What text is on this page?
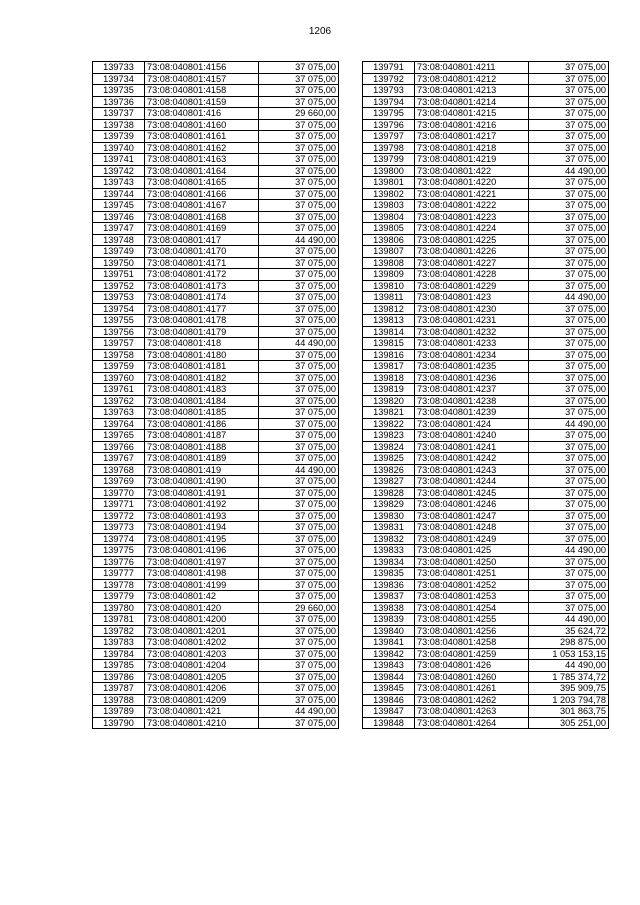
1206
139733	73:08:040801:4156	37 075,00
139734	73:08:040801:4157	37 075,00
139735	73:08:040801:4158	37 075,00
139736	73:08:040801:4159	37 075,00
139737	73:08:040801:416	29 660,00
139738	73:08:040801:4160	37 075,00
139739	73:08:040801:4161	37 075,00
139740	73:08:040801:4162	37 075,00
139741	73:08:040801:4163	37 075,00
139742	73:08:040801:4164	37 075,00
139743	73:08:040801:4165	37 075,00
139744	73:08:040801:4166	37 075,00
139745	73:08:040801:4167	37 075,00
139746	73:08:040801:4168	37 075,00
139747	73:08:040801:4169	37 075,00
139748	73:08:040801:417	44 490,00
139749	73:08:040801:4170	37 075,00
139750	73:08:040801:4171	37 075,00
139751	73:08:040801:4172	37 075,00
139752	73:08:040801:4173	37 075,00
139753	73:08:040801:4174	37 075,00
139754	73:08:040801:4177	37 075,00
139755	73:08:040801:4178	37 075,00
139756	73:08:040801:4179	37 075,00
139757	73:08:040801:418	44 490,00
139758	73:08:040801:4180	37 075,00
139759	73:08:040801:4181	37 075,00
139760	73:08:040801:4182	37 075,00
139761	73:08:040801:4183	37 075,00
139762	73:08:040801:4184	37 075,00
139763	73:08:040801:4185	37 075,00
139764	73:08:040801:4186	37 075,00
139765	73:08:040801:4187	37 075,00
139766	73:08:040801:4188	37 075,00
139767	73:08:040801:4189	37 075,00
139768	73:08:040801:419	44 490,00
139769	73:08:040801:4190	37 075,00
139770	73:08:040801:4191	37 075,00
139771	73:08:040801:4192	37 075,00
139772	73:08:040801:4193	37 075,00
139773	73:08:040801:4194	37 075,00
139774	73:08:040801:4195	37 075,00
139775	73:08:040801:4196	37 075,00
139776	73:08:040801:4197	37 075,00
139777	73:08:040801:4198	37 075,00
139778	73:08:040801:4199	37 075,00
139779	73:08:040801:42	37 075,00
139780	73:08:040801:420	29 660,00
139781	73:08:040801:4200	37 075,00
139782	73:08:040801:4201	37 075,00
139783	73:08:040801:4202	37 075,00
139784	73:08:040801:4203	37 075,00
139785	73:08:040801:4204	37 075,00
139786	73:08:040801:4205	37 075,00
139787	73:08:040801:4206	37 075,00
139788	73:08:040801:4209	37 075,00
139789	73:08:040801:421	44 490,00
139790	73:08:040801:4210	37 075,00
139791	73:08:040801:4211	37 075,00
139792	73:08:040801:4212	37 075,00
139793	73:08:040801:4213	37 075,00
139794	73:08:040801:4214	37 075,00
139795	73:08:040801:4215	37 075,00
139796	73:08:040801:4216	37 075,00
139797	73:08:040801:4217	37 075,00
139798	73:08:040801:4218	37 075,00
139799	73:08:040801:4219	37 075,00
139800	73:08:040801:422	44 490,00
139801	73:08:040801:4220	37 075,00
139802	73:08:040801:4221	37 075,00
139803	73:08:040801:4222	37 075,00
139804	73:08:040801:4223	37 075,00
139805	73:08:040801:4224	37 075,00
139806	73:08:040801:4225	37 075,00
139807	73:08:040801:4226	37 075,00
139808	73:08:040801:4227	37 075,00
139809	73:08:040801:4228	37 075,00
139810	73:08:040801:4229	37 075,00
139811	73:08:040801:423	44 490,00
139812	73:08:040801:4230	37 075,00
139813	73:08:040801:4231	37 075,00
139814	73:08:040801:4232	37 075,00
139815	73:08:040801:4233	37 075,00
139816	73:08:040801:4234	37 075,00
139817	73:08:040801:4235	37 075,00
139818	73:08:040801:4236	37 075,00
139819	73:08:040801:4237	37 075,00
139820	73:08:040801:4238	37 075,00
139821	73:08:040801:4239	37 075,00
139822	73:08:040801:424	44 490,00
139823	73:08:040801:4240	37 075,00
139824	73:08:040801:4241	37 075,00
139825	73:08:040801:4242	37 075,00
139826	73:08:040801:4243	37 075,00
139827	73:08:040801:4244	37 075,00
139828	73:08:040801:4245	37 075,00
139829	73:08:040801:4246	37 075,00
139830	73:08:040801:4247	37 075,00
139831	73:08:040801:4248	37 075,00
139832	73:08:040801:4249	37 075,00
139833	73:08:040801:425	44 490,00
139834	73:08:040801:4250	37 075,00
139835	73:08:040801:4251	37 075,00
139836	73:08:040801:4252	37 075,00
139837	73:08:040801:4253	37 075,00
139838	73:08:040801:4254	37 075,00
139839	73:08:040801:4255	44 490,00
139840	73:08:040801:4256	35 624,72
139841	73:08:040801:4258	298 875,00
139842	73:08:040801:4259	1 053 153,15
139843	73:08:040801:426	44 490,00
139844	73:08:040801:4260	1 785 374,72
139845	73:08:040801:4261	395 909,75
139846	73:08:040801:4262	1 203 794,78
139847	73:08:040801:4263	301 863,75
139848	73:08:040801:4264	305 251,00
